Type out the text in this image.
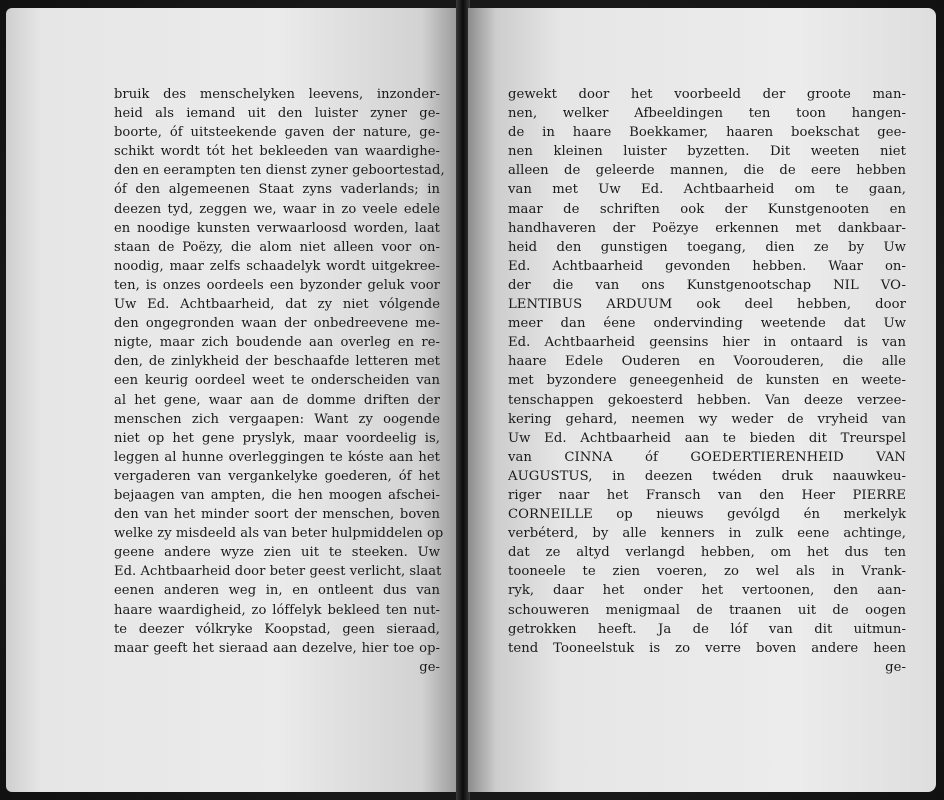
bruik des menschelyken leevens, inzonder-
heid als iemand uit den luister zyner ge-
boorte, óf uitsteekende gaven der nature, ge-
schikt wordt tót het bekleeden van waardighe-
den en eerampten ten dienst zyner geboortestad,
óf den algemeenen Staat zyns vaderlands; in
deezen tyd, zeggen we, waar in zo veele edele
en noodige kunsten verwaarloosd worden, laat
staan de Poëzy, die alom niet alleen voor on-
noodig, maar zelfs schaadelyk wordt uitgekree-
ten, is onzes oordeels een byzonder geluk voor
Uw Ed. Achtbaarheid, dat zy niet vólgende
den ongegronden waan der onbedreevene me-
nigte, maar zich boudende aan overleg en re-
den, de zinlykheid der beschaafde letteren met
een keurig oordeel weet te onderscheiden van
al het gene, waar aan de domme driften der
menschen zich vergaapen: Want zy oogende
niet op het gene pryslyk, maar voordeelig is,
leggen al hunne overleggingen te kóste aan het
vergaderen van vergankelyke goederen, óf het
bejaagen van ampten, die hen moogen afschei-
den van het minder soort der menschen, boven
welke zy misdeeld als van beter hulpmiddelen op
geene andere wyze zien uit te steeken. Uw
Ed. Achtbaarheid door beter geest verlicht, slaat
eenen anderen weg in, en ontleent dus van
haare waardigheid, zo lóffelyk bekleed ten nut-
te deezer vólkryke Koopstad, geen sieraad,
maar geeft het sieraad aan dezelve, hier toe op-
ge-
gewekt door het voorbeeld der groote man-
nen, welker Afbeeldingen ten toon hangen-
de in haare Boekkamer, haaren boekschat gee-
nen kleinen luister byzetten. Dit weeten niet
alleen de geleerde mannen, die de eere hebben
van met Uw Ed. Achtbaarheid om te gaan,
maar de schriften ook der Kunstgenooten en
handhaveren der Poëzye erkennen met dankbaar-
heid den gunstigen toegang, dien ze by Uw
Ed. Achtbaarheid gevonden hebben. Waar on-
der die van ons Kunstgenootschap NIL VO-
LENTIBUS ARDUUM ook deel hebben, door
meer dan éene ondervinding weetende dat Uw
Ed. Achtbaarheid geensins hier in ontaard is van
haare Edele Ouderen en Voorouderen, die alle
met byzondere geneegenheid de kunsten en weete-
tenschappen gekoesterd hebben. Van deeze verzee-
kering gehard, neemen wy weder de vryheid van
Uw Ed. Achtbaarheid aan te bieden dit Treurspel
van CINNA óf GOEDERTIERENHEID VAN
AUGUSTUS, in deezen twéden druk naauwkeu-
riger naar het Fransch van den Heer PIERRE
CORNEILLE op nieuws gevólgd én merkelyk
verbéterd, by alle kenners in zulk eene achtinge,
dat ze altyd verlangd hebben, om het dus ten
tooneele te zien voeren, zo wel als in Vrank-
ryk, daar het onder het vertoonen, den aan-
schouweren menigmaal de traanen uit de oogen
getrokken heeft. Ja de lóf van dit uitmun-
tend Tooneelstuk is zo verre boven andere heen
ge-
